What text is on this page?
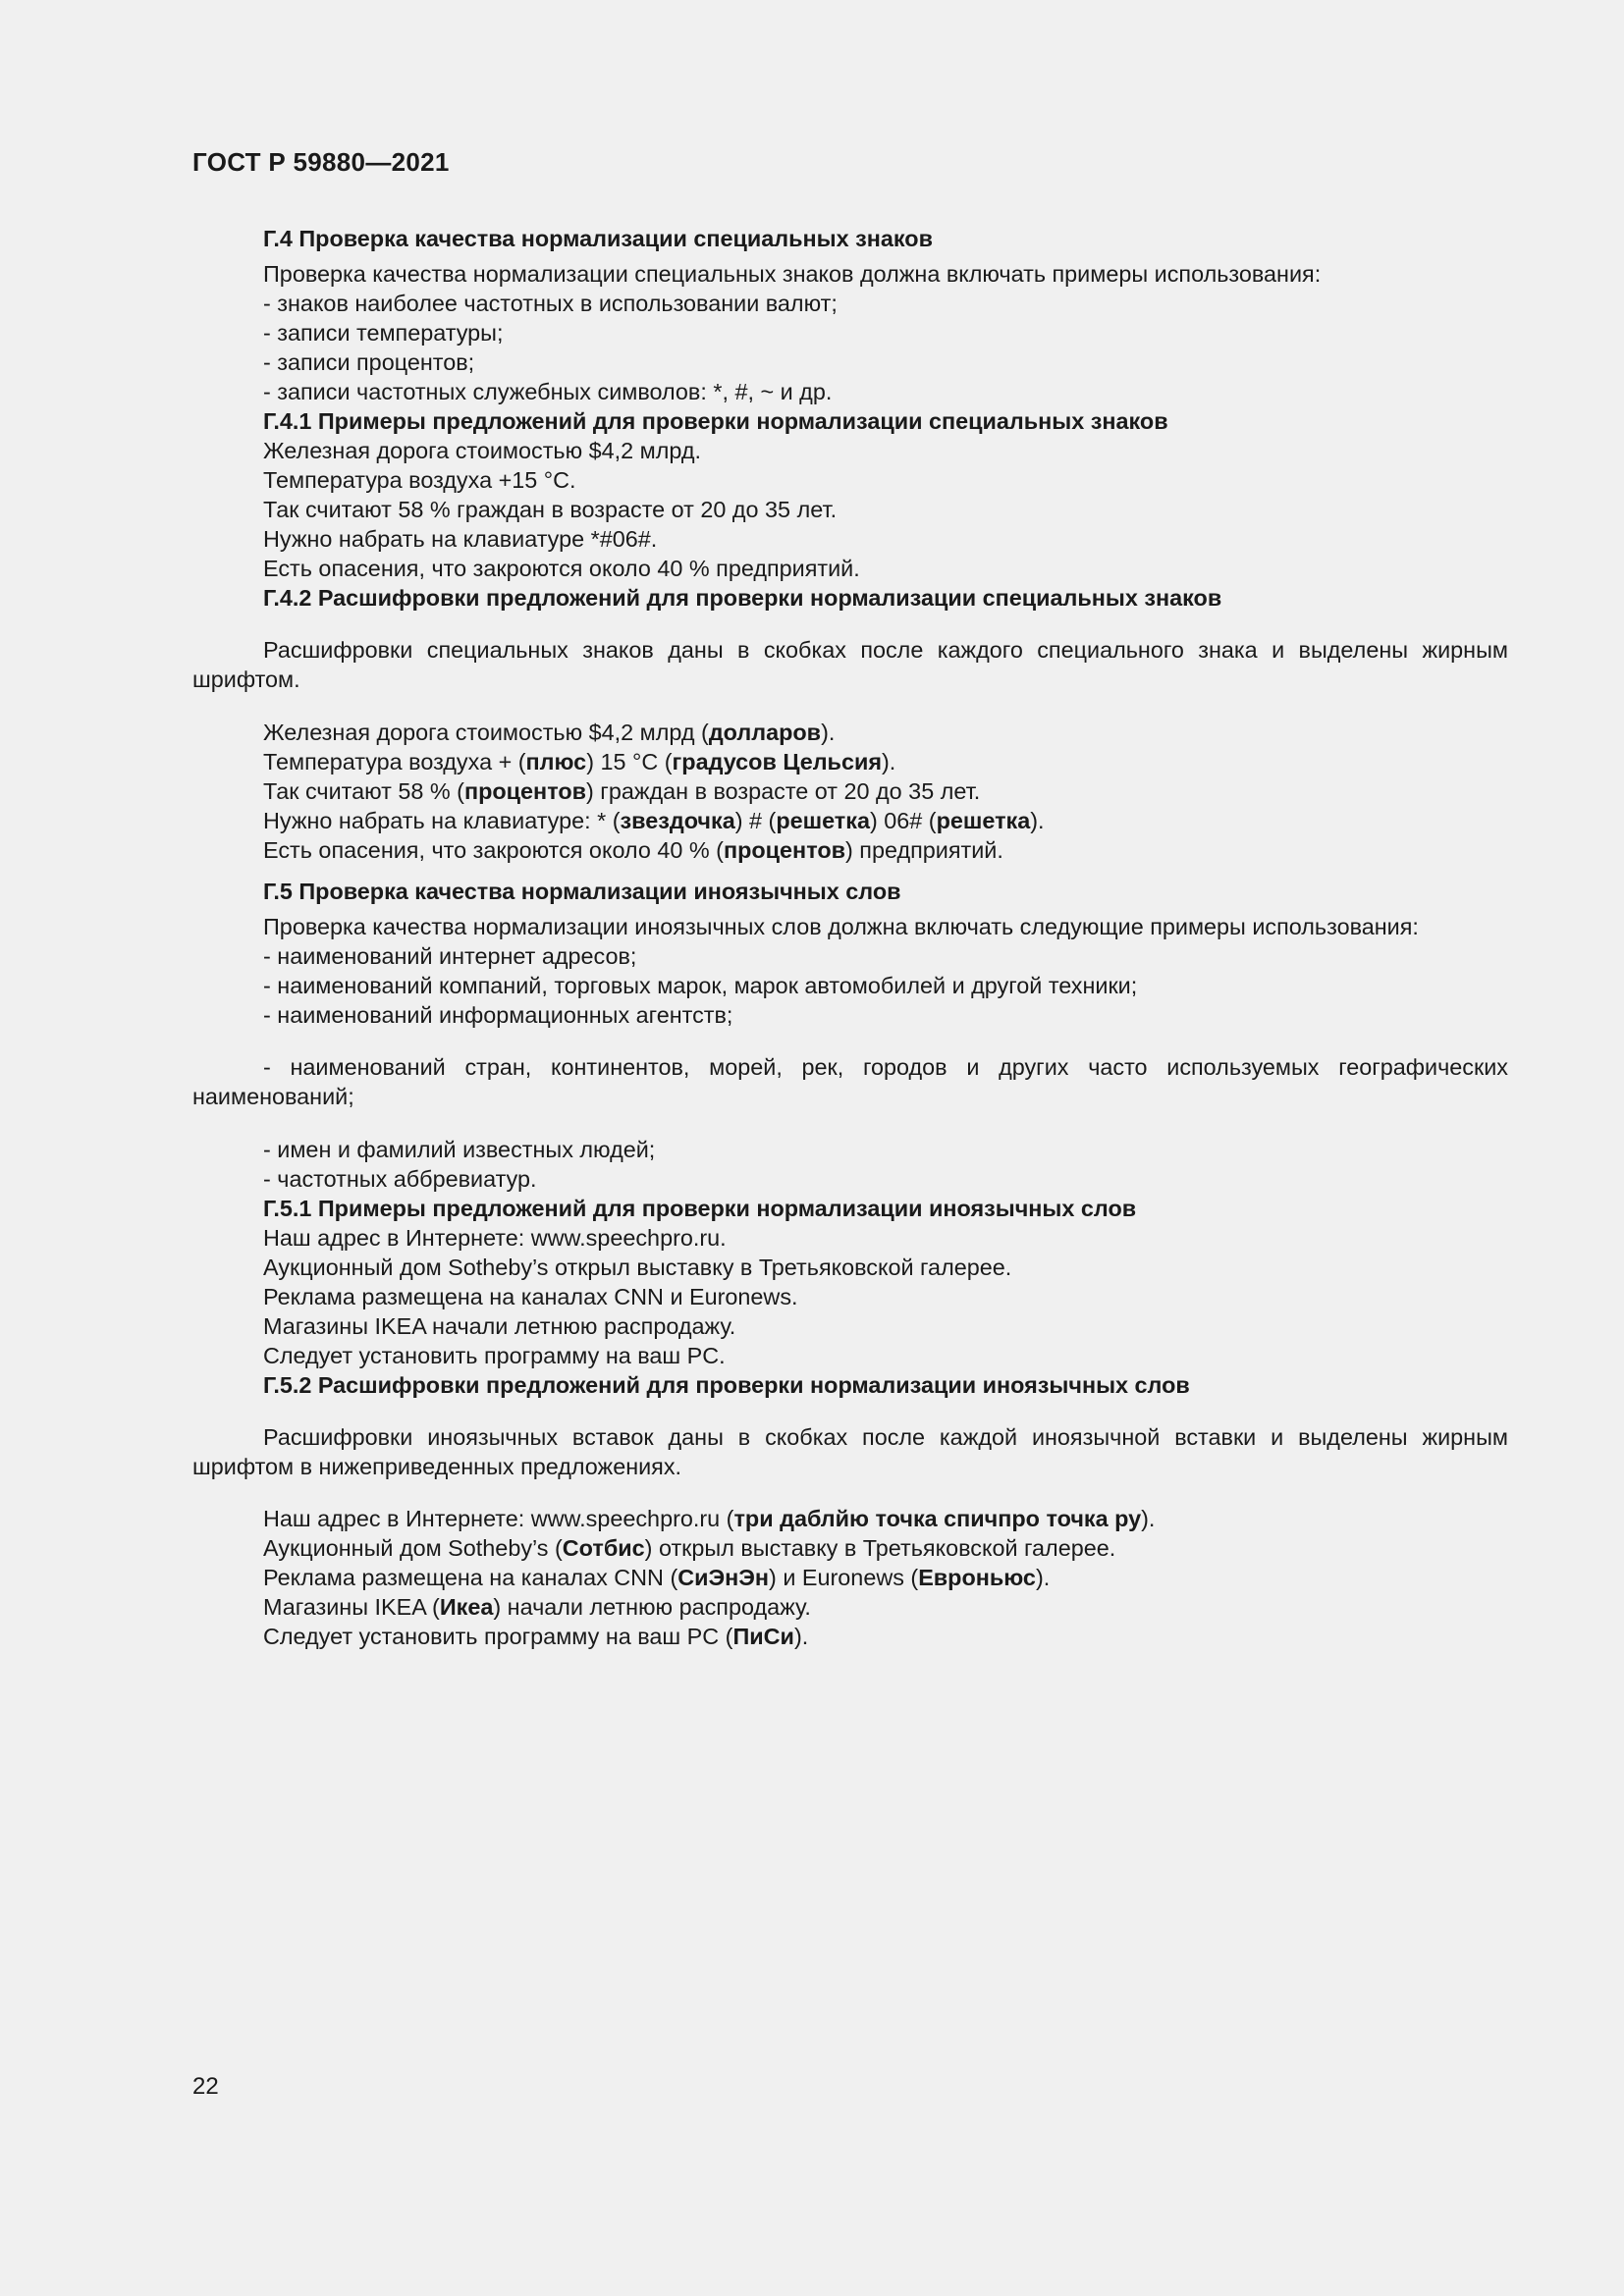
ГОСТ Р 59880—2021

Г.4 Проверка качества нормализации специальных знаков

Проверка качества нормализации специальных знаков должна включать примеры использования:

- знаков наиболее частотных в использовании валют;

- записи температуры;

- записи процентов;

- записи частотных служебных символов: *, #, ~ и др.

Г.4.1 Примеры предложений для проверки нормализации специальных знаков

Железная дорога стоимостью $4,2 млрд.

Температура воздуха +15 °С.

Так считают 58 % граждан в возрасте от 20 до 35 лет.

Нужно набрать на клавиатуре *#06#.

Есть опасения, что закроются около 40 % предприятий.

Г.4.2 Расшифровки предложений для проверки нормализации специальных знаков

Расшифровки специальных знаков даны в скобках после каждого специального знака и выделены жирным шрифтом.

Железная дорога стоимостью $4,2 млрд (долларов).

Температура воздуха + (плюс) 15 °С (градусов Цельсия).

Так считают 58 % (процентов) граждан в возрасте от 20 до 35 лет.

Нужно набрать на клавиатуре: * (звездочка) # (решетка) 06# (решетка).

Есть опасения, что закроются около 40 % (процентов) предприятий.

Г.5 Проверка качества нормализации иноязычных слов

Проверка качества нормализации иноязычных слов должна включать следующие примеры использования:

- наименований интернет адресов;

- наименований компаний, торговых марок, марок автомобилей и другой техники;

- наименований информационных агентств;

- наименований стран, континентов, морей, рек, городов и других часто используемых географических наименований;

- имен и фамилий известных людей;

- частотных аббревиатур.

Г.5.1 Примеры предложений для проверки нормализации иноязычных слов

Наш адрес в Интернете: www.speechpro.ru.

Аукционный дом Sotheby’s открыл выставку в Третьяковской галерее.

Реклама размещена на каналах CNN и Euronews.

Магазины IKEA начали летнюю распродажу.

Следует установить программу на ваш PC.

Г.5.2 Расшифровки предложений для проверки нормализации иноязычных слов

Расшифровки иноязычных вставок даны в скобках после каждой иноязычной вставки и выделены жирным шрифтом в нижеприведенных предложениях.

Наш адрес в Интернете: www.speechpro.ru (три даблйю точка спичпро точка ру).

Аукционный дом Sotheby’s (Сотбис) открыл выставку в Третьяковской галерее.

Реклама размещена на каналах CNN (СиЭнЭн) и Euronews (Евроньюс).

Магазины IKEA (Икеа) начали летнюю распродажу.

Следует установить программу на ваш PC (ПиСи).

22
